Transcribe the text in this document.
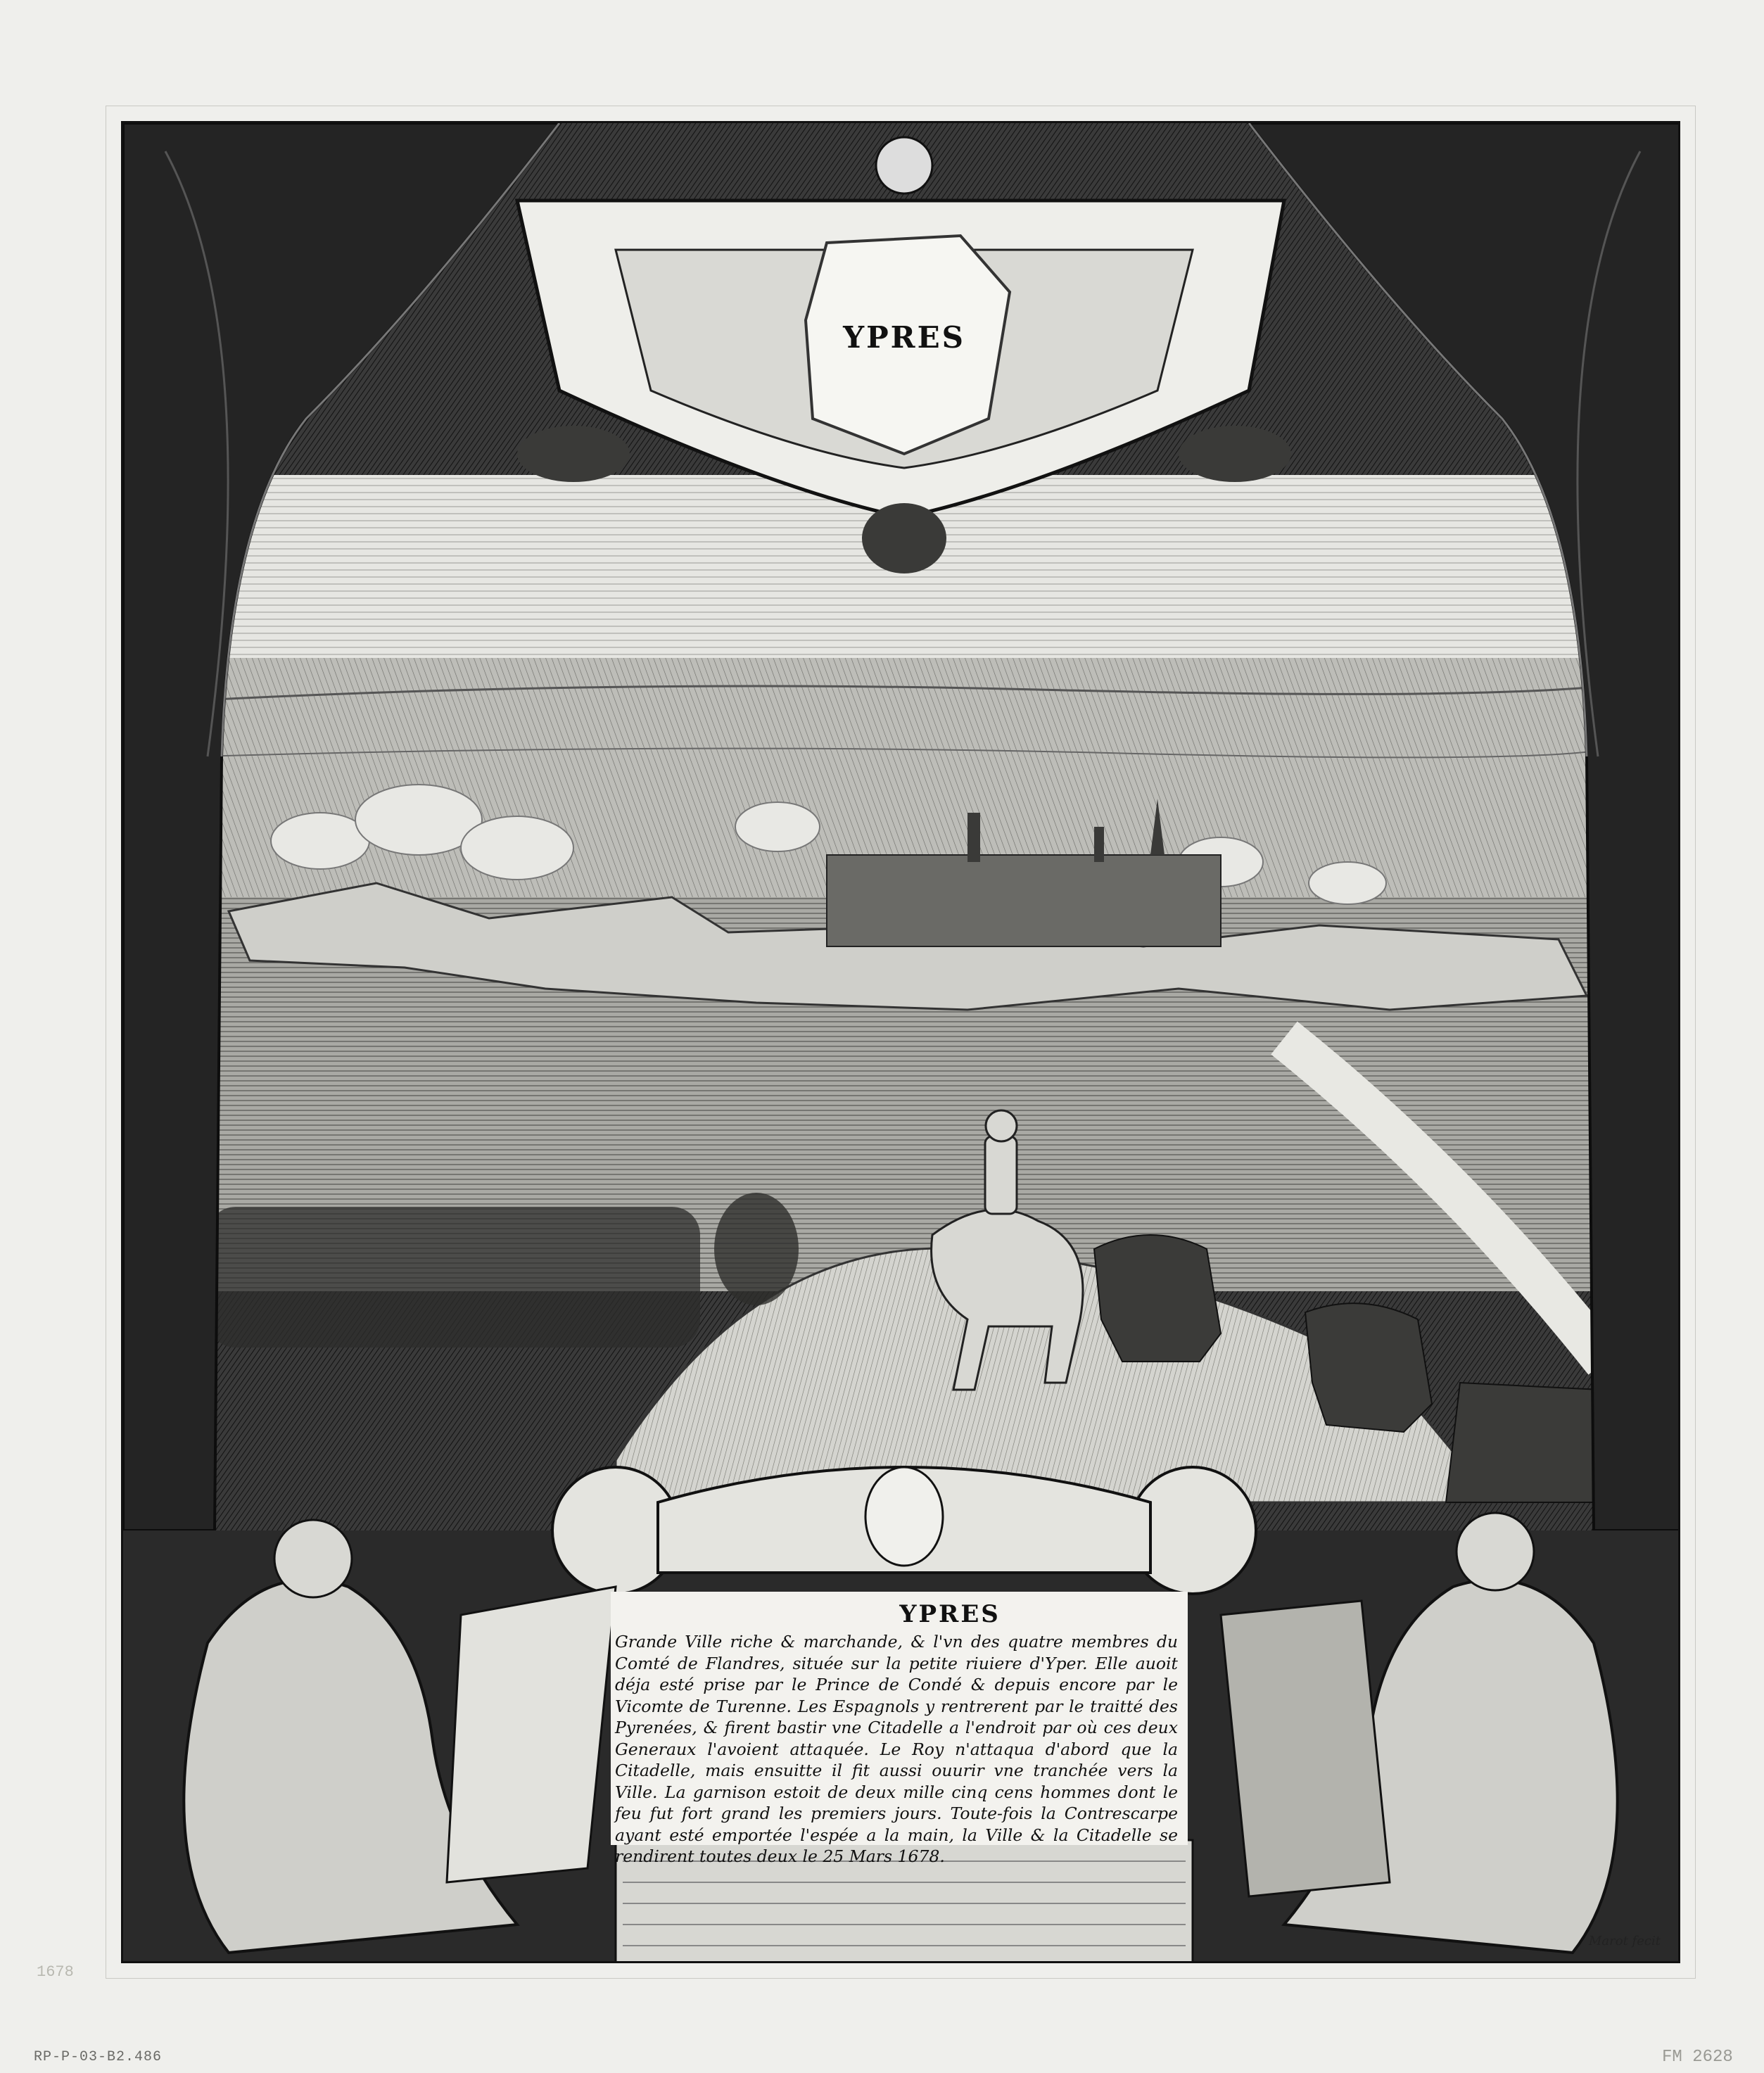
YPRES
YPRES
Grande Ville riche & marchande, & l'vn des quatre membres du Comté de Flandres, située sur la petite riuiere d'Yper. Elle auoit déja esté prise par le Prince de Condé & depuis encore par le Vicomte de Turenne. Les Espagnols y rentrerent par le traitté des Pyrenées, & firent bastir vne Citadelle a l'endroit par où ces deux Generaux l'avoient attaquée. Le Roy n'attaqua d'abord que la Citadelle, mais ensuitte il fit aussi ouurir vne tranchée vers la Ville. La garnison estoit de deux mille cinq cens hommes dont le feu fut fort grand les premiers jours. Toute-fois la Contrescarpe ayant esté emportée l'espée a la main, la Ville & la Citadelle se rendirent toutes deux le 25 Mars 1678.
Marot fecit
1678
RP-P-03-B2.486	FM 2628
